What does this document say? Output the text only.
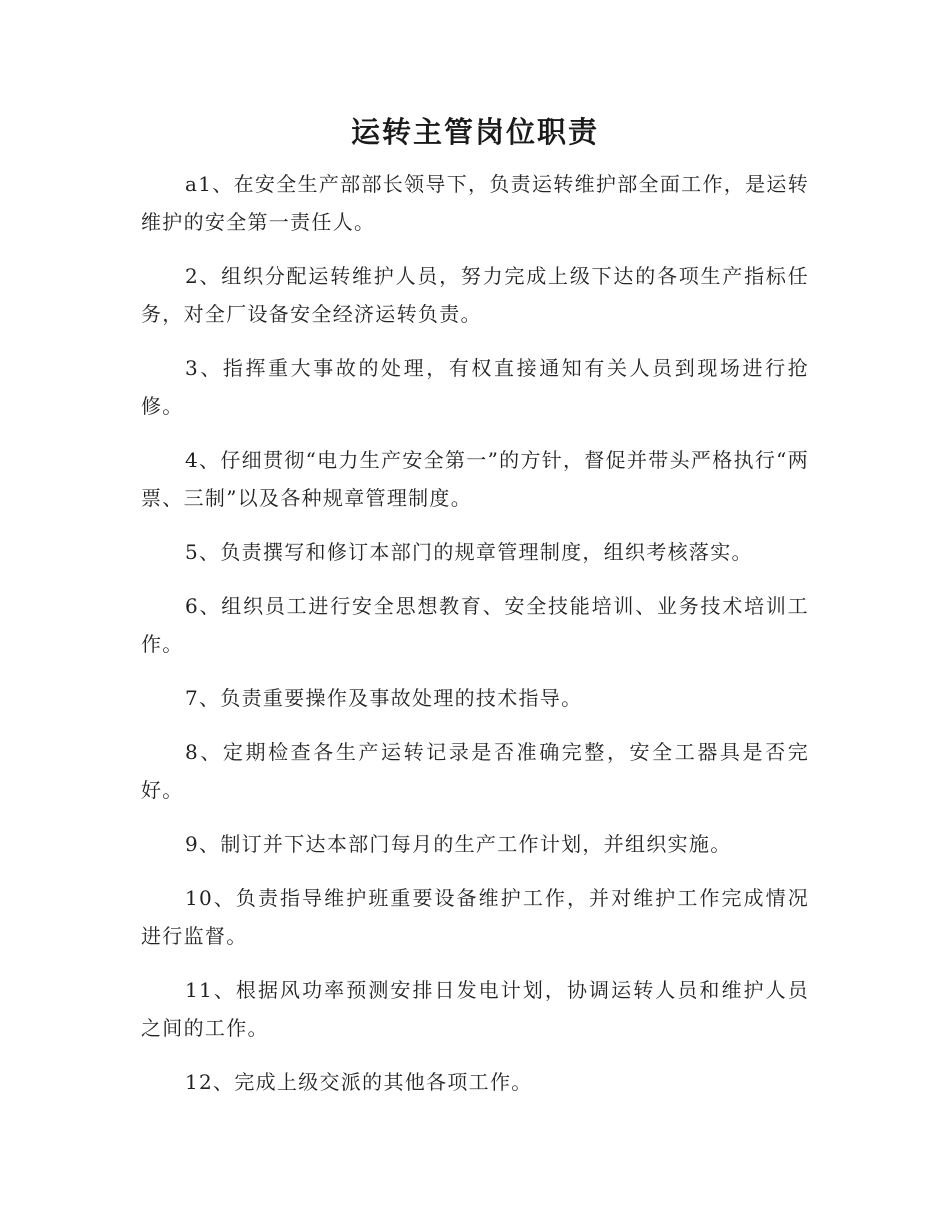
运转主管岗位职责

a1、在安全生产部部长领导下，负责运转维护部全面工作，是运转维护的安全第一责任人。

2、组织分配运转维护人员，努力完成上级下达的各项生产指标任务，对全厂设备安全经济运转负责。

3、指挥重大事故的处理，有权直接通知有关人员到现场进行抢修。

4、仔细贯彻“电力生产安全第一”的方针，督促并带头严格执行“两票、三制”以及各种规章管理制度。

5、负责撰写和修订本部门的规章管理制度，组织考核落实。

6、组织员工进行安全思想教育、安全技能培训、业务技术培训工作。

7、负责重要操作及事故处理的技术指导。

8、定期检查各生产运转记录是否准确完整，安全工器具是否完好。

9、制订并下达本部门每月的生产工作计划，并组织实施。

10、负责指导维护班重要设备维护工作，并对维护工作完成情况进行监督。

11、根据风功率预测安排日发电计划，协调运转人员和维护人员之间的工作。

12、完成上级交派的其他各项工作。
